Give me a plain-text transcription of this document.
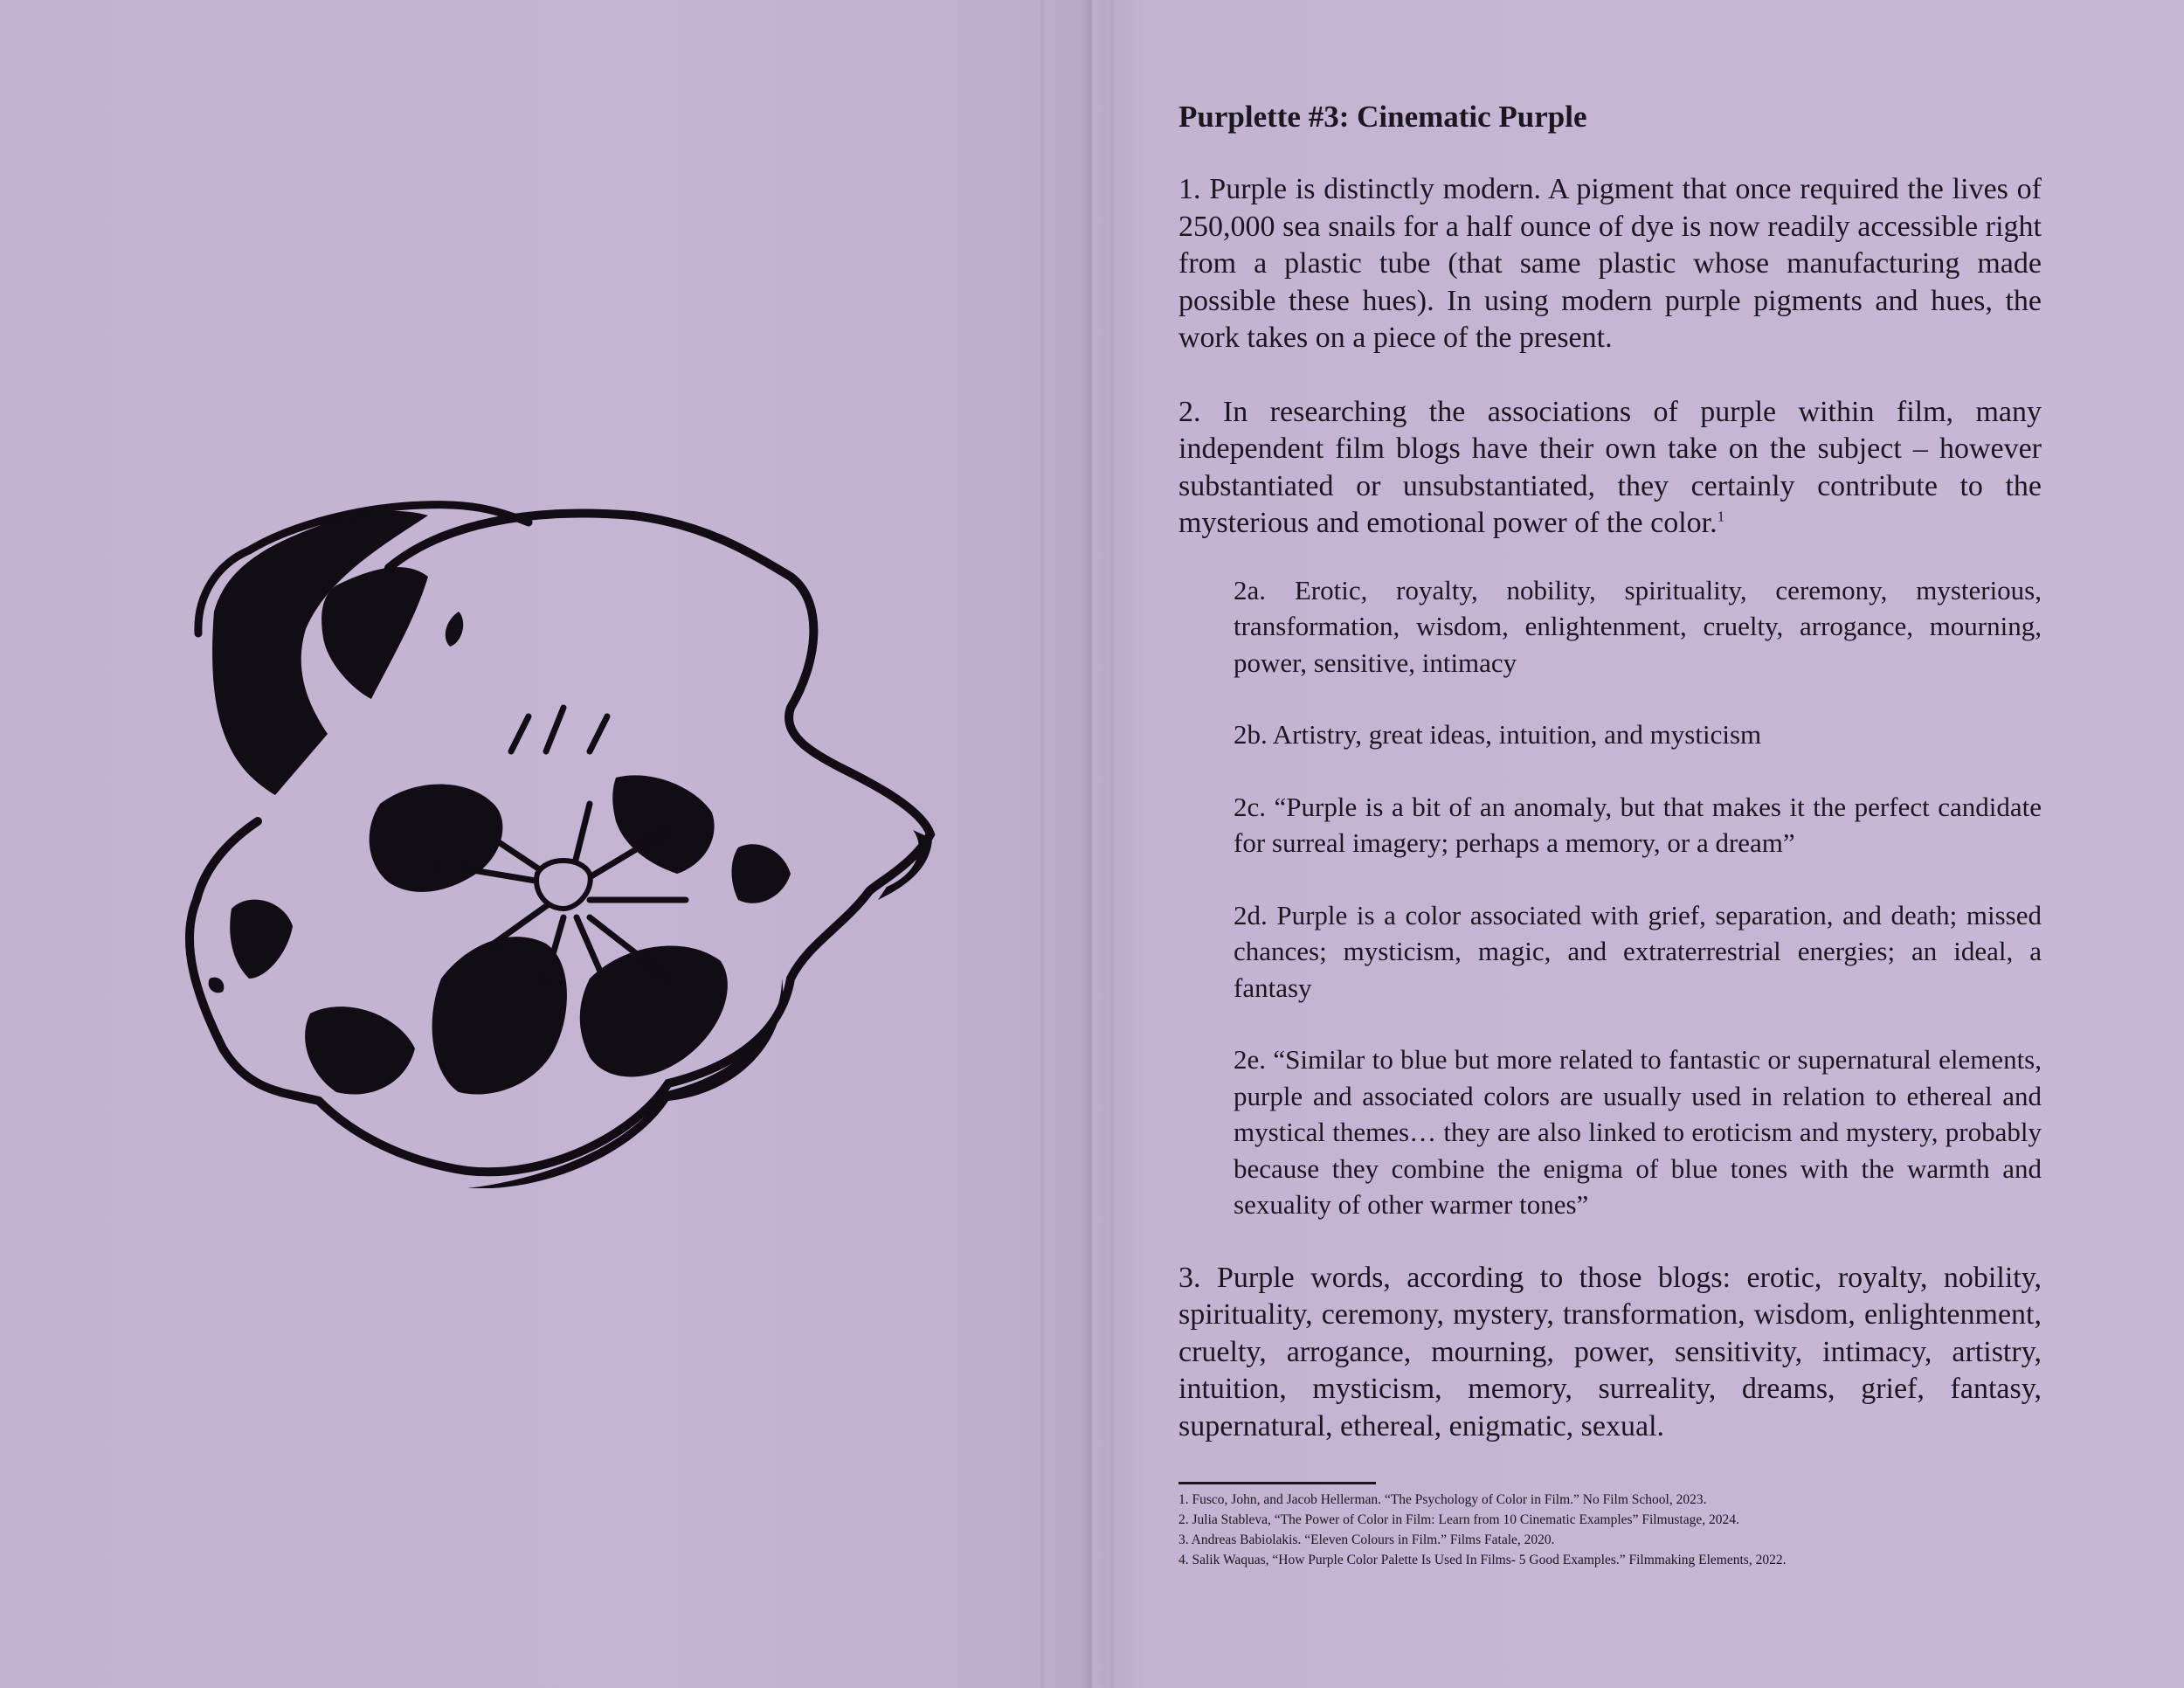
Purplette #3: Cinematic Purple

1. Purple is distinctly modern. A pigment that once required the lives of 250,000 sea snails for a half ounce of dye is now readily accessible right from a plastic tube (that same plastic whose manufacturing made possible these hues). In using modern purple pigments and hues, the work takes on a piece of the present.

2. In researching the associations of purple within film, many independent film blogs have their own take on the subject – however substantiated or unsubstantiated, they certainly contribute to the mysterious and emotional power of the color.$^1$

2a. Erotic, royalty, nobility, spirituality, ceremony, mysterious, transformation, wisdom, enlightenment, cruelty, arrogance, mourning, power, sensitive, intimacy

2b. Artistry, great ideas, intuition, and mysticism

2c. “Purple is a bit of an anomaly, but that makes it the perfect candidate for surreal imagery; perhaps a memory, or a dream”

2d. Purple is a color associated with grief, separation, and death; missed chances; mysticism, magic, and extraterrestrial energies; an ideal, a fantasy

2e. “Similar to blue but more related to fantastic or supernatural elements, purple and associated colors are usually used in relation to ethereal and mystical themes… they are also linked to eroticism and mystery, probably because they combine the enigma of blue tones with the warmth and sexuality of other warmer tones”

3. Purple words, according to those blogs: erotic, royalty, nobility, spirituality, ceremony, mystery, transformation, wisdom, enlightenment, cruelty, arrogance, mourning, power, sensitivity, intimacy, artistry, intuition, mysticism, memory, surreality, dreams, grief, fantasy, supernatural, ethereal, enigmatic, sexual.

1. Fusco, John, and Jacob Hellerman. “The Psychology of Color in Film.” No Film School, 2023.

2. Julia Stableva, “The Power of Color in Film: Learn from 10 Cinematic Examples” Filmustage, 2024.

3. Andreas Babiolakis. “Eleven Colours in Film.” Films Fatale, 2020.

4. Salik Waquas, “How Purple Color Palette Is Used In Films- 5 Good Examples.” Filmmaking Elements, 2022.
